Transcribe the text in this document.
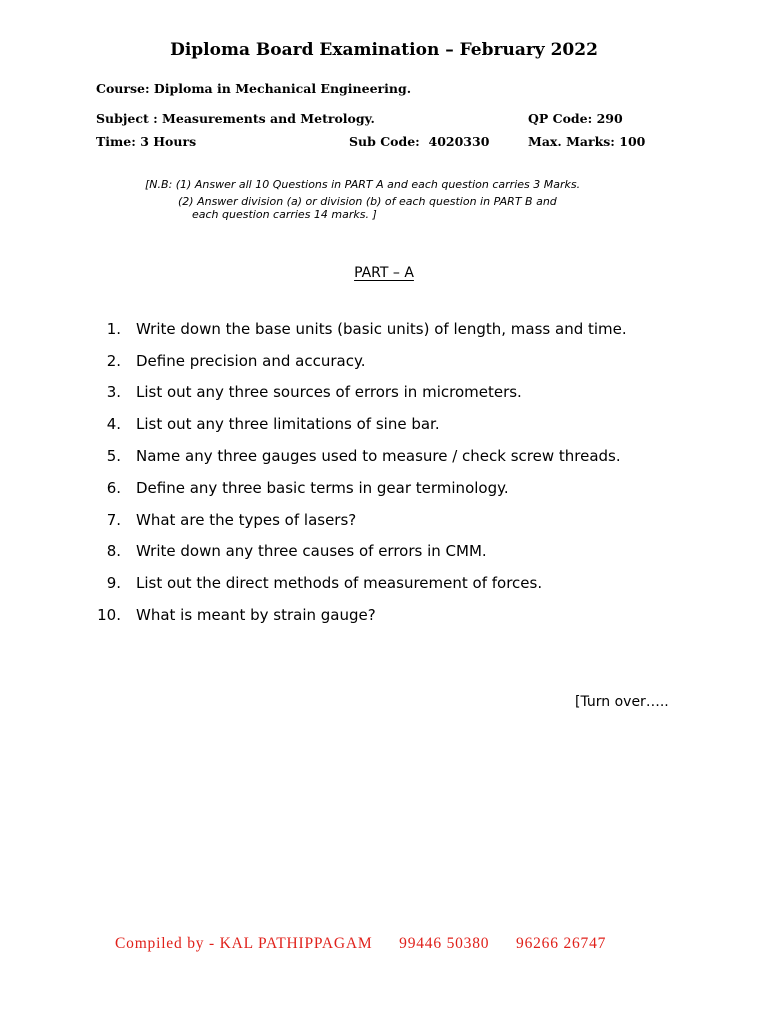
Diploma Board Examination – February 2022
Course: Diploma in Mechanical Engineering.
Subject : Measurements and Metrology.	QP Code: 290
Time: 3 Hours	Sub Code:  4020330	Max. Marks: 100
[N.B: (1) Answer all 10 Questions in PART A and each question carries 3 Marks.
(2) Answer division (a) or division (b) of each question in PART B and
each question carries 14 marks. ]
PART – A
1. Write down the base units (basic units) of length, mass and time.
2. Define precision and accuracy.
3. List out any three sources of errors in micrometers.
4. List out any three limitations of sine bar.
5. Name any three gauges used to measure / check screw threads.
6. Define any three basic terms in gear terminology.
7. What are the types of lasers?
8. Write down any three causes of errors in CMM.
9. List out the direct methods of measurement of forces.
10. What is meant by strain gauge?
[Turn over…..
Compiled by - KAL PATHIPPAGAM 99446 50380 96266 26747
